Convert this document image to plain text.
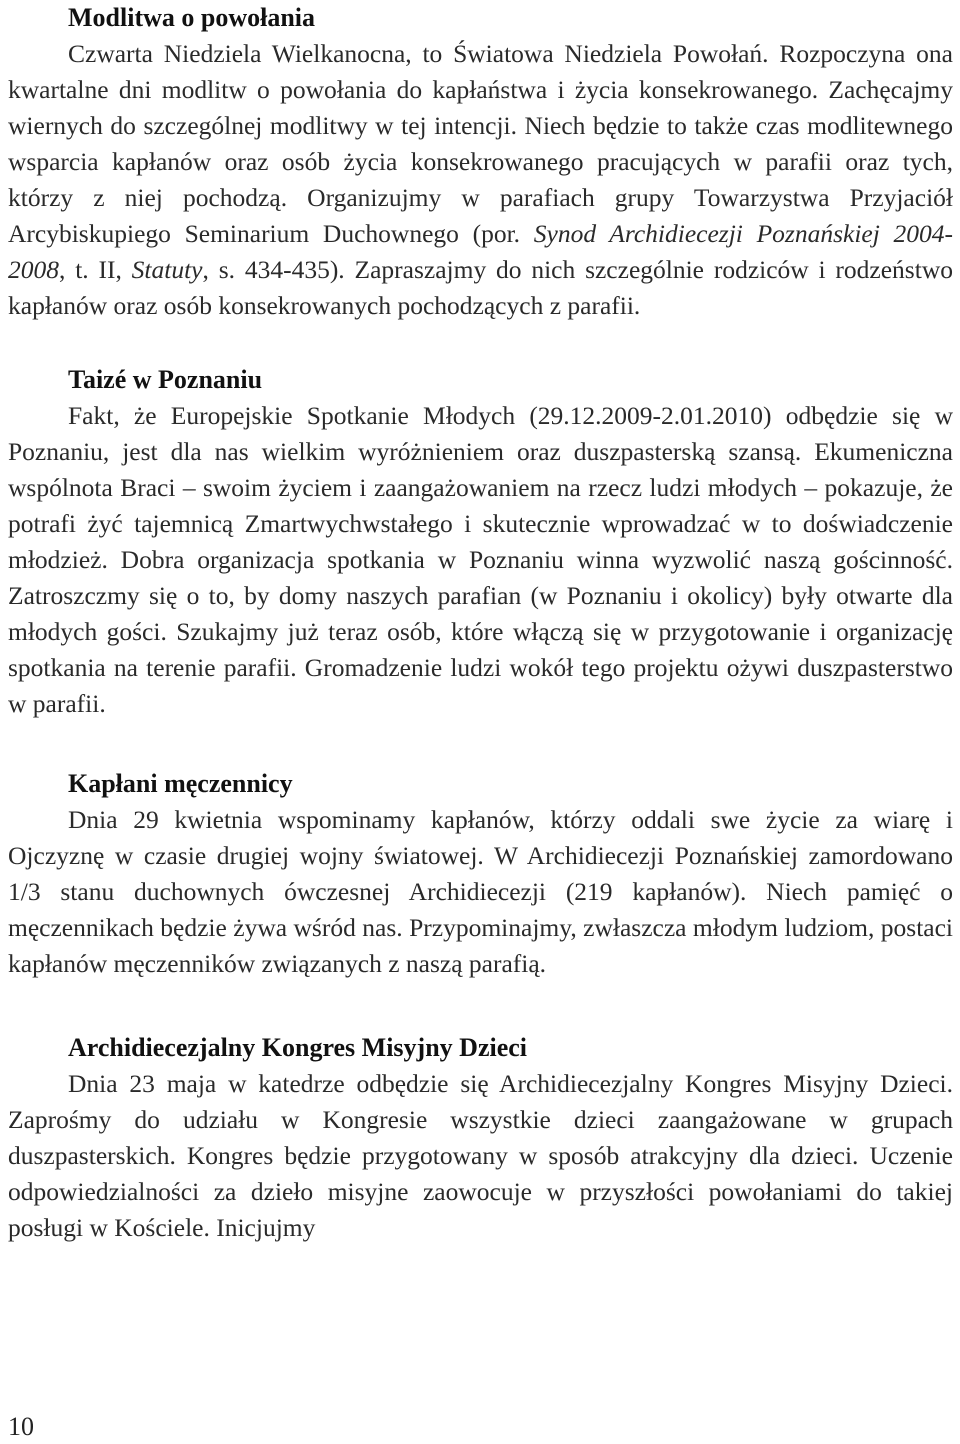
Modlitwa o powołania

Czwarta Niedziela Wielkanocna, to Światowa Niedziela Powołań. Rozpoczyna ona kwartalne dni modlitw o powołania do kapłaństwa i życia konsekrowanego. Zachęcajmy wiernych do szczególnej modlitwy w tej intencji. Niech będzie to także czas modlitewnego wsparcia kapłanów oraz osób życia konsekrowanego pracujących w parafii oraz tych, którzy z niej pochodzą. Organizujmy w parafiach grupy Towarzystwa Przyjaciół Arcybiskupiego Seminarium Duchownego (por. Synod Archidiecezji Poznańskiej 2004-2008, t. II, Statuty, s. 434-435). Zapraszajmy do nich szczególnie rodziców i rodzeństwo kapłanów oraz osób konsekrowanych pochodzących z parafii.

Taizé w Poznaniu

Fakt, że Europejskie Spotkanie Młodych (29.12.2009-2.01.2010) odbędzie się w Poznaniu, jest dla nas wielkim wyróżnieniem oraz duszpasterską szansą. Ekumeniczna wspólnota Braci – swoim życiem i zaangażowaniem na rzecz ludzi młodych – pokazuje, że potrafi żyć tajemnicą Zmartwychwstałego i skutecznie wprowadzać w to doświadczenie młodzież. Dobra organizacja spotkania w Poznaniu winna wyzwolić naszą gościnność. Zatroszczmy się o to, by domy naszych parafian (w Poznaniu i okolicy) były otwarte dla młodych gości. Szukajmy już teraz osób, które włączą się w przygotowanie i organizację spotkania na terenie parafii. Gromadzenie ludzi wokół tego projektu ożywi duszpasterstwo w parafii.

Kapłani męczennicy

Dnia 29 kwietnia wspominamy kapłanów, którzy oddali swe życie za wiarę i Ojczyznę w czasie drugiej wojny światowej. W Archidiecezji Poznańskiej zamordowano 1/3 stanu duchownych ówczesnej Archidiecezji (219 kapłanów). Niech pamięć o męczennikach będzie żywa wśród nas. Przypominajmy, zwłaszcza młodym ludziom, postaci kapłanów męczenników związanych z naszą parafią.

Archidiecezjalny Kongres Misyjny Dzieci

Dnia 23 maja w katedrze odbędzie się Archidiecezjalny Kongres Misyjny Dzieci. Zaprośmy do udziału w Kongresie wszystkie dzieci zaangażowane w grupach duszpasterskich. Kongres będzie przygotowany w sposób atrakcyjny dla dzieci. Uczenie odpowiedzialności za dzieło misyjne zaowocuje w przyszłości powołaniami do takiej posługi w Kościele. Inicjujmy

10
